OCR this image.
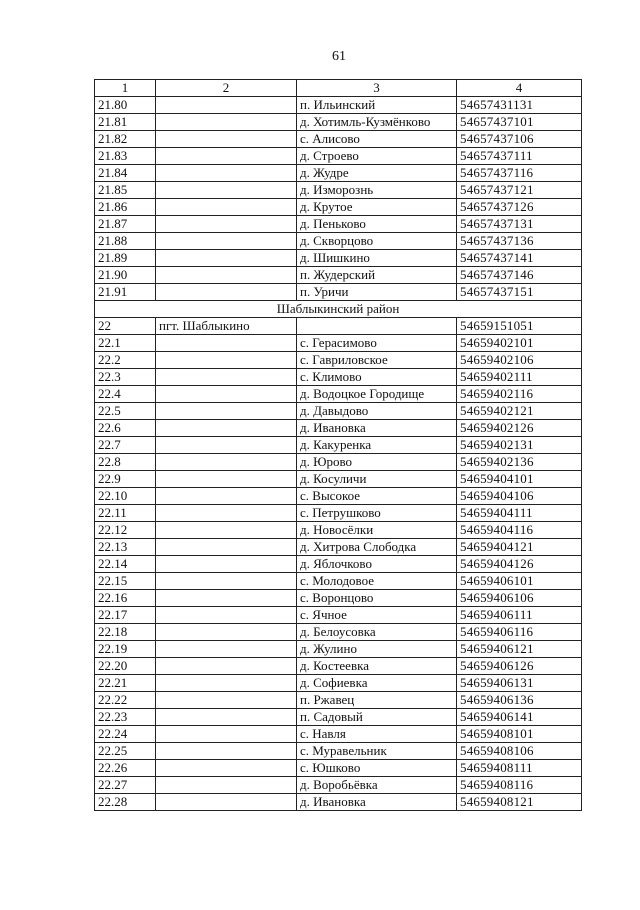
61
1	2	3	4
21.80		п. Ильинский	54657431131
21.81		д. Хотимль-Кузмёнково	54657437101
21.82		с. Алисово	54657437106
21.83		д. Строево	54657437111
21.84		д. Жудре	54657437116
21.85		д. Изморознь	54657437121
21.86		д. Крутое	54657437126
21.87		д. Пеньково	54657437131
21.88		д. Скворцово	54657437136
21.89		д. Шишкино	54657437141
21.90		п. Жудерский	54657437146
21.91		п. Уричи	54657437151
Шаблыкинский район			
22	пгт. Шаблыкино		54659151051
22.1		с. Герасимово	54659402101
22.2		с. Гавриловское	54659402106
22.3		с. Климово	54659402111
22.4		д. Водоцкое Городище	54659402116
22.5		д. Давыдово	54659402121
22.6		д. Ивановка	54659402126
22.7		д. Какуренка	54659402131
22.8		д. Юрово	54659402136
22.9		д. Косуличи	54659404101
22.10		с. Высокое	54659404106
22.11		с. Петрушково	54659404111
22.12		д. Новосёлки	54659404116
22.13		д. Хитрова Слободка	54659404121
22.14		д. Яблочково	54659404126
22.15		с. Молодовое	54659406101
22.16		с. Воронцово	54659406106
22.17		с. Ячное	54659406111
22.18		д. Белоусовка	54659406116
22.19		д. Жулино	54659406121
22.20		д. Костеевка	54659406126
22.21		д. Софиевка	54659406131
22.22		п. Ржавец	54659406136
22.23		п. Садовый	54659406141
22.24		с. Навля	54659408101
22.25		с. Муравельник	54659408106
22.26		с. Юшково	54659408111
22.27		д. Воробьёвка	54659408116
22.28		д. Ивановка	54659408121
